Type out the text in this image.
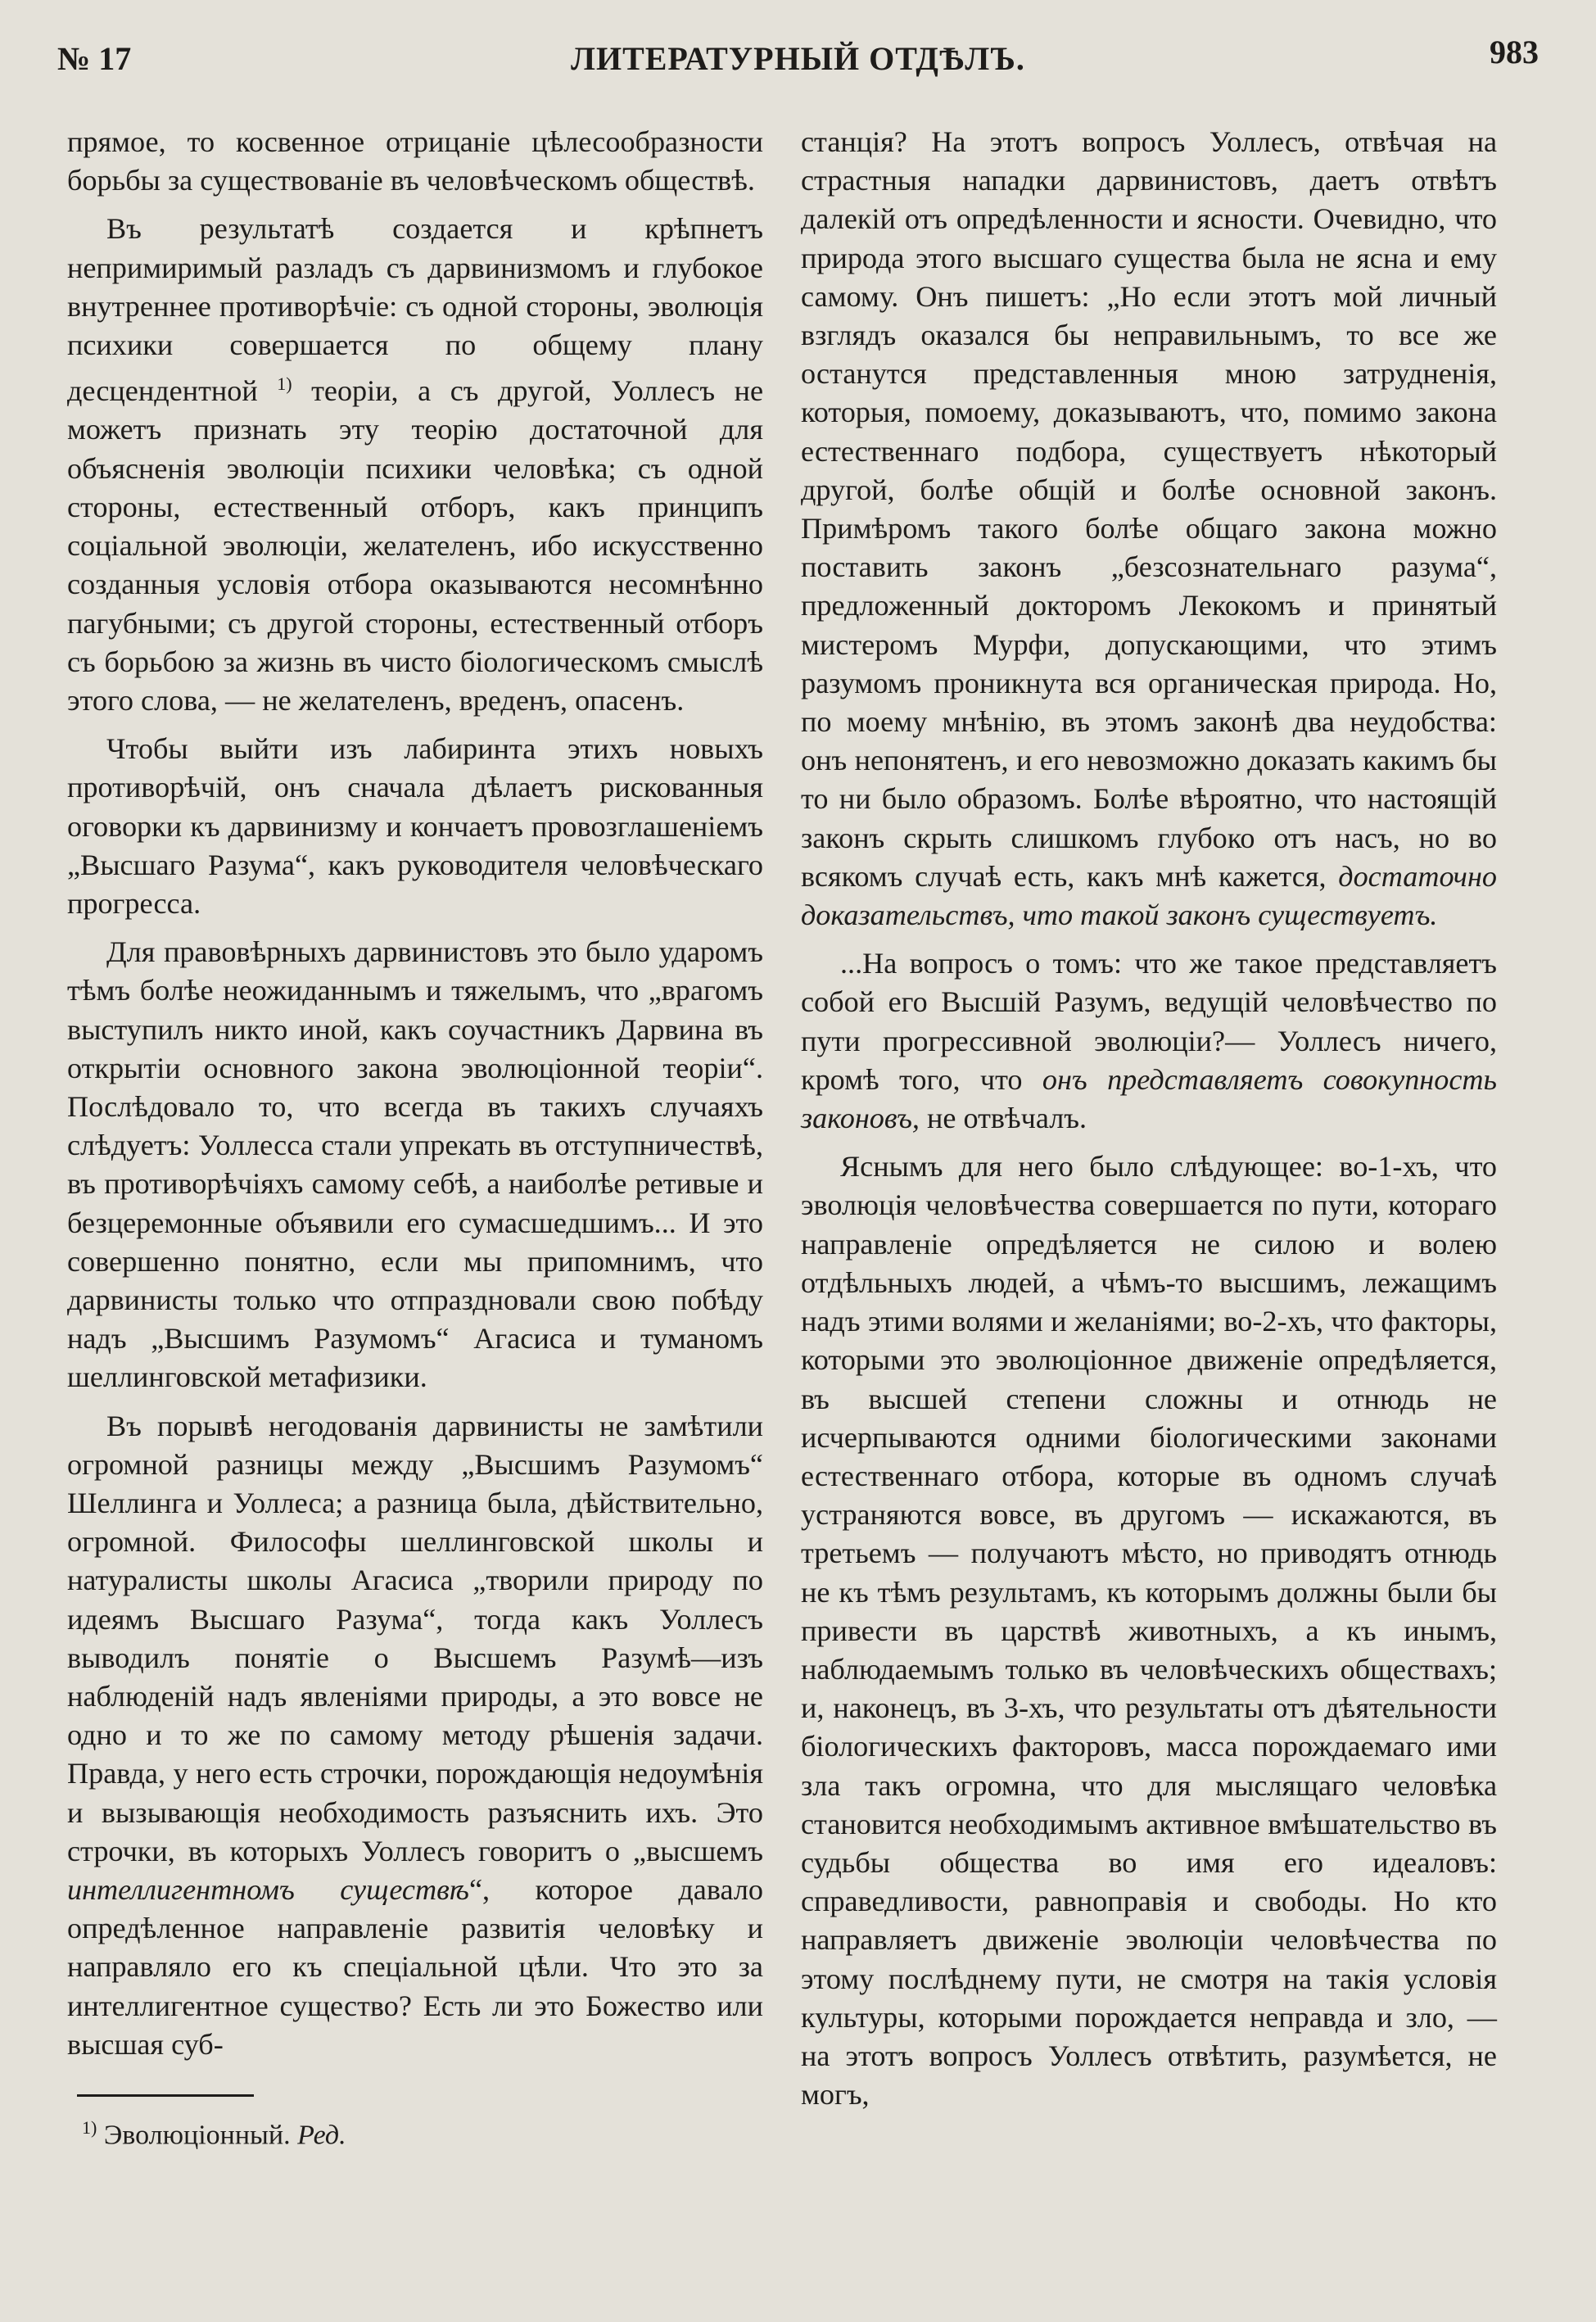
№ 17	ЛИТЕРАТУРНЫЙ ОТДѢЛЪ.	983

прямое, то косвенное отрицаніе цѣлесообразности борьбы за существованіе въ человѣческомъ обществѣ.

Въ результатѣ создается и крѣпнетъ непримиримый разладъ съ дарвинизмомъ и глубокое внутреннее противорѣчіе: съ одной стороны, эволюція психики совершается по общему плану десцендентной $^{1)}$ теоріи, а съ другой, Уоллесъ не можетъ признать эту теорію достаточной для объясненія эволюціи психики человѣка; съ одной стороны, естественный отборъ, какъ принципъ соціальной эволюціи, желателенъ, ибо искусственно созданныя условія отбора оказываются несомнѣнно пагубными; съ другой стороны, естественный отборъ съ борьбою за жизнь въ чисто біологическомъ смыслѣ этого слова, — не желателенъ, вреденъ, опасенъ.

Чтобы выйти изъ лабиринта этихъ новыхъ противорѣчій, онъ сначала дѣлаетъ рискованныя оговорки къ дарвинизму и кончаетъ провозглашеніемъ „Высшаго Разума“, какъ руководителя человѣческаго прогресса.

Для правовѣрныхъ дарвинистовъ это было ударомъ тѣмъ болѣе неожиданнымъ и тяжелымъ, что „врагомъ выступилъ никто иной, какъ соучастникъ Дарвина въ открытіи основного закона эволюціонной теоріи“. Послѣдовало то, что всегда въ такихъ случаяхъ слѣдуетъ: Уоллесса стали упрекать въ отступничествѣ, въ противорѣчіяхъ самому себѣ, а наиболѣе ретивые и безцеремонные объявили его сумасшедшимъ... И это совершенно понятно, если мы припомнимъ, что дарвинисты только что отпраздновали свою побѣду надъ „Высшимъ Разумомъ“ Агасиса и туманомъ шеллинговской метафизики.

Въ порывѣ негодованія дарвинисты не замѣтили огромной разницы между „Высшимъ Разумомъ“ Шеллинга и Уоллеса; а разница была, дѣйствительно, огромной. Философы шеллинговской школы и натуралисты школы Агасиса „творили природу по идеямъ Высшаго Разума“, тогда какъ Уоллесъ выводилъ понятіе о Высшемъ Разумѣ—изъ наблюденій надъ явленіями природы, а это вовсе не одно и то же по самому методу рѣшенія задачи. Правда, у него есть строчки, порождающія недоумѣнія и вызывающія необходимость разъяснить ихъ. Это строчки, въ которыхъ Уоллесъ говоритъ о „высшемъ интеллигентномъ существѣ“, которое давало опредѣленное направленіе развитія человѣку и направляло его къ спеціальной цѣли. Что это за интеллигентное существо? Есть ли это Божество или высшая суб-

станція? На этотъ вопросъ Уоллесъ, отвѣчая на страстныя нападки дарвинистовъ, даетъ отвѣтъ далекій отъ опредѣленности и ясности. Очевидно, что природа этого высшаго существа была не ясна и ему самому. Онъ пишетъ: „Но если этотъ мой личный взглядъ оказался бы неправильнымъ, то все же останутся представленныя мною затрудненія, которыя, помоему, доказываютъ, что, помимо закона естественнаго подбора, существуетъ нѣкоторый другой, болѣе общій и болѣе основной законъ. Примѣромъ такого болѣе общаго закона можно поставить законъ „безсознательнаго разума“, предложенный докторомъ Лекокомъ и принятый мистеромъ Мурфи, допускающими, что этимъ разумомъ проникнута вся органическая природа. Но, по моему мнѣнію, въ этомъ законѣ два неудобства: онъ непонятенъ, и его невозможно доказать какимъ бы то ни было образомъ. Болѣе вѣроятно, что настоящій законъ скрыть слишкомъ глубоко отъ насъ, но во всякомъ случаѣ есть, какъ мнѣ кажется, достаточно доказательствъ, что такой законъ существуетъ.

...На вопросъ о томъ: что же такое представляетъ собой его Высшій Разумъ, ведущій человѣчество по пути прогрессивной эволюціи?— Уоллесъ ничего, кромѣ того, что онъ представляетъ совокупность законовъ, не отвѣчалъ.

Яснымъ для него было слѣдующее: во-1-хъ, что эволюція человѣчества совершается по пути, котораго направленіе опредѣляется не силою и волею отдѣльныхъ людей, а чѣмъ-то высшимъ, лежащимъ надъ этими волями и желаніями; во-2-хъ, что факторы, которыми это эволюціонное движеніе опредѣляется, въ высшей степени сложны и отнюдь не исчерпываются одними біологическими законами естественнаго отбора, которые въ одномъ случаѣ устраняются вовсе, въ другомъ — искажаются, въ третьемъ — получаютъ мѣсто, но приводятъ отнюдь не къ тѣмъ результамъ, къ которымъ должны были бы привести въ царствѣ животныхъ, а къ инымъ, наблюдаемымъ только въ человѣческихъ обществахъ; и, наконецъ, въ 3-хъ, что результаты отъ дѣятельности біологическихъ факторовъ, масса порождаемаго ими зла такъ огромна, что для мыслящаго человѣка становится необходимымъ активное вмѣшательство въ судьбы общества во имя его идеаловъ: справедливости, равноправія и свободы. Но кто направляетъ движеніе эволюціи человѣчества по этому послѣднему пути, не смотря на такія условія культуры, которыми порождается неправда и зло, — на этотъ вопросъ Уоллесъ отвѣтить, разумѣется, не могъ,

$^{1)}$ Эволюціонный. Ред.
